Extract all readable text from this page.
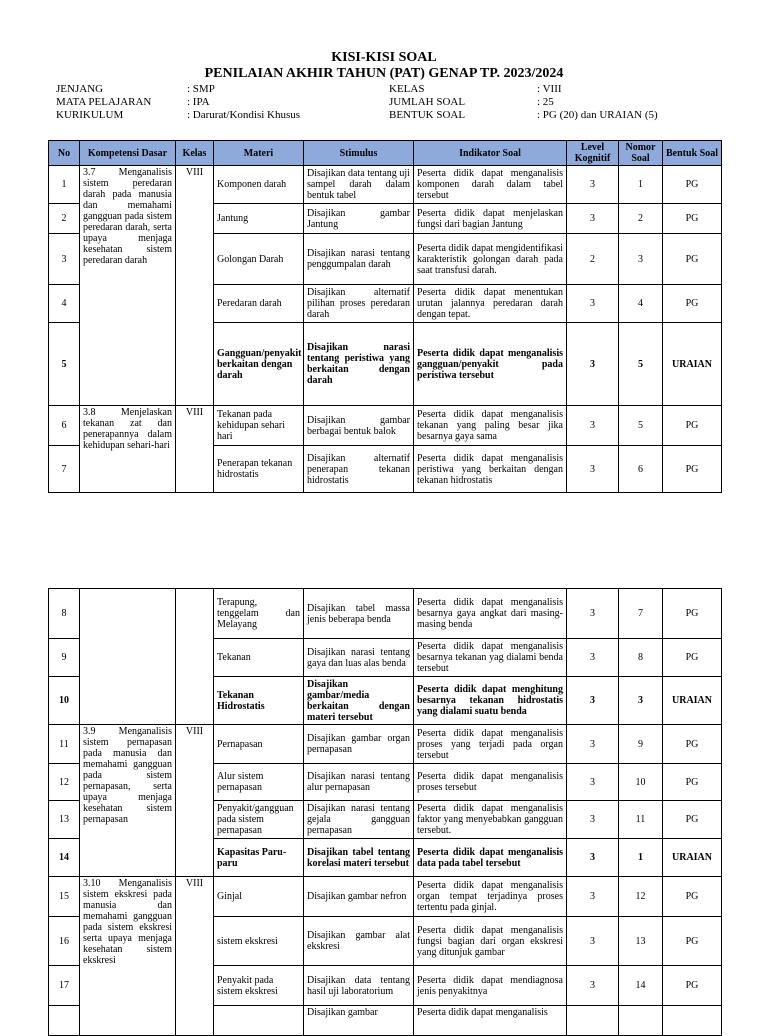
KISI-KISI SOAL
PENILAIAN AKHIR TAHUN (PAT) GENAP TP. 2023/2024
JENJANG	: SMP
MATA PELAJARAN	: IPA
KURIKULUM	: Darurat/Kondisi Khusus
KELAS	: VIII
JUMLAH SOAL	: 25
BENTUK SOAL	: PG (20) dan URAIAN (5)
No	Kompetensi Dasar	Kelas	Materi	Stimulus	Indikator Soal	Level Kognitif	Nomor Soal	Bentuk Soal
1	3.7 Menganalisis sistem peredaran darah pada manusia dan memahami gangguan pada sistem peredaran darah, serta upaya menjaga kesehatan sistem peredaran darah	VIII	Komponen darah	Disajikan data tentang uji sampel darah dalam bentuk tabel	Peserta didik dapat menganalisis komponen darah dalam tabel tersebut	3	1	PG
2			Jantung	Disajikan gambar Jantung	Peserta didik dapat menjelaskan fungsi dari bagian Jantung	3	2	PG
3			Golongan Darah	Disajikan narasi tentang penggumpalan darah	Peserta didik dapat mengidentifikasi karakteristik golongan darah pada saat transfusi darah.	2	3	PG
4			Peredaran darah	Disajikan alternatif pilihan proses peredaran darah	Peserta didik dapat menentukan urutan jalannya peredaran darah dengan tepat.	3	4	PG
5			Gangguan/penyakit berkaitan dengan darah	Disajikan narasi tentang peristiwa yang berkaitan dengan darah	Peserta didik dapat menganalisis gangguan/penyakit pada peristiwa tersebut	3	5	URAIAN
6	3.8 Menjelaskan tekanan zat dan penerapannya dalam kehidupan sehari-hari	VIII	Tekanan pada kehidupan sehari hari	Disajikan gambar berbagai bentuk balok	Peserta didik dapat menganalisis tekanan yang paling besar jika besarnya gaya sama	3	5	PG
7			Penerapan tekanan hidrostatis	Disajikan alternatif penerapan tekanan hidrostatis	Peserta didik dapat menganalisis peristiwa yang berkaitan dengan tekanan hidrostatis	3	6	PG
8			Terapung, tenggelam dan Melayang	Disajikan tabel massa jenis beberapa benda	Peserta didik dapat menganalisis besarnya gaya angkat dari masing-masing benda	3	7	PG
9			Tekanan	Disajikan narasi tentang gaya dan luas alas benda	Peserta didik dapat menganalisis besarnya tekanan yag dialami benda tersebut	3	8	PG
10			Tekanan Hidrostatis	Disajikan gambar/media berkaitan dengan materi tersebut	Peserta didik dapat menghitung besarnya tekanan hidrostatis yang dialami suatu benda	3	3	URAIAN
11	3.9 Menganalisis sistem pernapasan pada manusia dan memahami gangguan pada sistem pernapasan, serta upaya menjaga kesehatan sistem pernapasan	VIII	Pernapasan	Disajikan gambar organ pernapasan	Peserta didik dapat menganalisis proses yang terjadi pada organ tersebut	3	9	PG
12			Alur sistem pernapasan	Disajikan narasi tentang alur pernapasan	Peserta didik dapat menganalisis proses tersebut	3	10	PG
13			Penyakit/gangguan pada sistem pernapasan	Disajikan narasi tentang gejala gangguan pernapasan	Peserta didik dapat menganalisis faktor yang menyebabkan gangguan tersebut.	3	11	PG
14			Kapasitas Paru-paru	Disajikan tabel tentang korelasi materi tersebut	Peserta didik dapat menganalisis data pada tabel tersebut	3	1	URAIAN
15	3.10 Menganalisis sistem ekskresi pada manusia dan memahami gangguan pada sistem ekskresi serta upaya menjaga kesehatan sistem ekskresi	VIII	Ginjal	Disajikan gambar nefron	Peserta didik dapat menganalisis organ tempat terjadinya proses tertentu pada ginjal.	3	12	PG
16			sistem ekskresi	Disajikan gambar alat ekskresi	Peserta didik dapat menganalisis fungsi bagian dari organ ekskresi yang ditunjuk gambar	3	13	PG
17			Penyakit pada sistem ekskresi	Disajikan data tentang hasil uji laboratorium	Peserta didik dapat mendiagnosa jenis penyakitnya	3	14	PG
				Disajikan gambar	Peserta didik dapat menganalisis			
